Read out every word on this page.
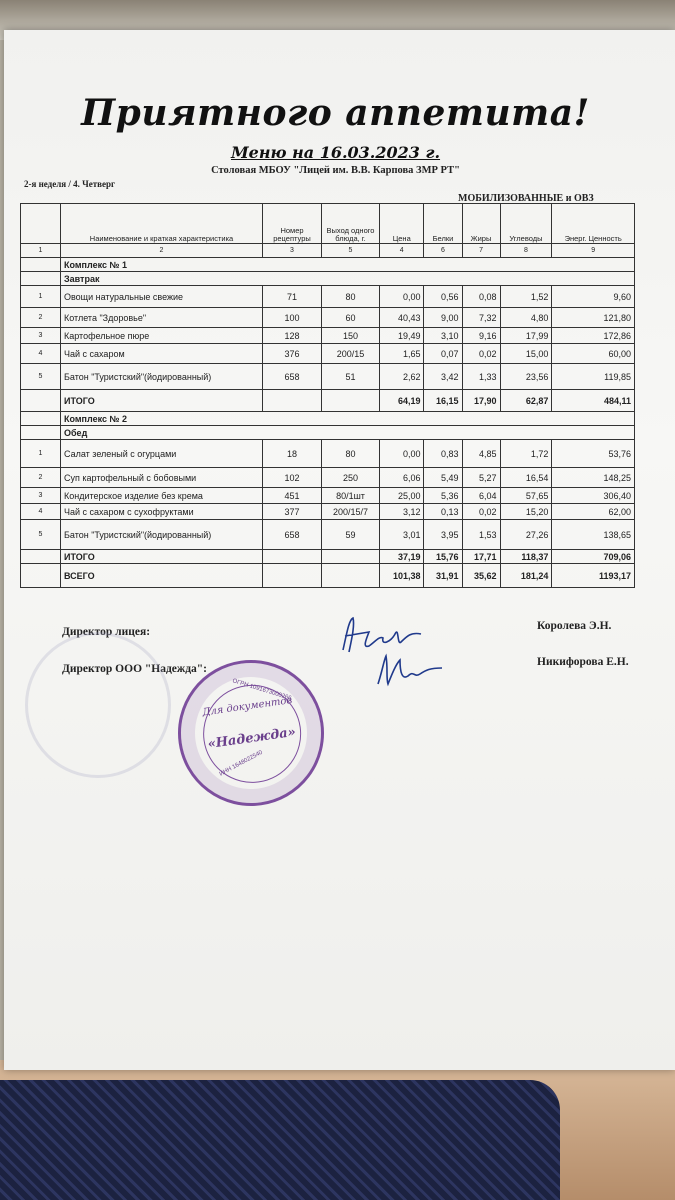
Приятного аппетита!
Меню на 16.03.2023 г.
Столовая МБОУ "Лицей им. В.В. Карпова ЗМР РТ"
2-я неделя / 4. Четверг
МОБИЛИЗОВАННЫЕ и ОВЗ
	Наименование и краткая характеристика	Номер рецептуры	Выход одного блюда, г.	Цена	Белки	Жиры	Углеводы	Энерг. Ценность
1	2	3	5	4	6	7	8	9
	Комплекс № 1							
	Завтрак							
1	Овощи натуральные свежие	71	80	0,00	0,56	0,08	1,52	9,60
2	Котлета "Здоровье"	100	60	40,43	9,00	7,32	4,80	121,80
3	Картофельное пюре	128	150	19,49	3,10	9,16	17,99	172,86
4	Чай с сахаром	376	200/15	1,65	0,07	0,02	15,00	60,00
5	Батон "Туристский"(йодированный)	658	51	2,62	3,42	1,33	23,56	119,85
	ИТОГО			64,19	16,15	17,90	62,87	484,11
	Комплекс № 2							
	Обед							
1	Салат зеленый с огурцами	18	80	0,00	0,83	4,85	1,72	53,76
2	Суп картофельный с бобовыми	102	250	6,06	5,49	5,27	16,54	148,25
3	Кондитерское изделие без крема	451	80/1шт	25,00	5,36	6,04	57,65	306,40
4	Чай с сахаром с сухофруктами	377	200/15/7	3,12	0,13	0,02	15,20	62,00
5	Батон "Туристский"(йодированный)	658	59	3,01	3,95	1,53	27,26	138,65
	ИТОГО			37,19	15,76	17,71	118,37	709,06
	ВСЕГО			101,38	31,91	35,62	181,24	1193,17
Директор лицея:	Королева Э.Н.
Директор ООО "Надежда":
Никифорова Е.Н.
ОГРН 1091673000266
Для документов
«Надежда»
ИНН 1648022540
